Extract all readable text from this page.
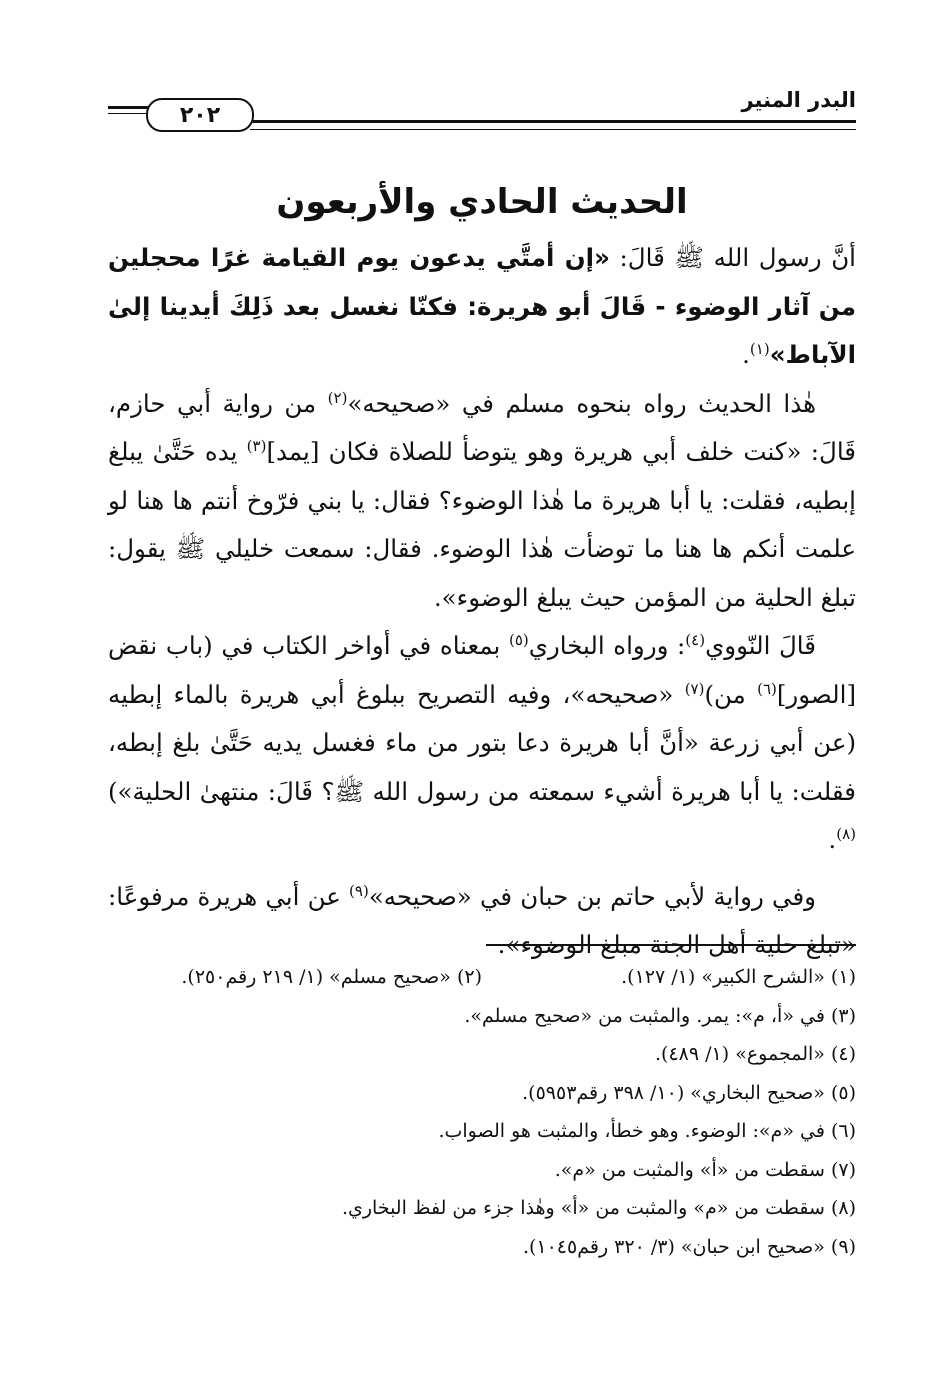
٢٠٢
البدر المنير
الحديث الحادي والأربعون

أنَّ رسول الله ﷺ قَالَ: «إن أمتَّي يدعون يوم القيامة غرًا محجلين من آثار الوضوء - قَالَ أبو هريرة: فكنّا نغسل بعد ذَلِكَ أيدينا إلىٰ الآباط»$^{(١)}$.

هٰذا الحديث رواه بنحوه مسلم في «صحيحه»$^{(٢)}$ من رواية أبي حازم، قَالَ: «كنت خلف أبي هريرة وهو يتوضأ للصلاة فكان [يمد]$^{(٣)}$ يده حَتَّىٰ يبلغ إبطيه، فقلت: يا أبا هريرة ما هٰذا الوضوء؟ فقال: يا بني فرّوخ أنتم ها هنا لو علمت أنكم ها هنا ما توضأت هٰذا الوضوء. فقال: سمعت خليلي ﷺ يقول: تبلغ الحلية من المؤمن حيث يبلغ الوضوء».

قَالَ النّووي$^{(٤)}$: ورواه البخاري$^{(٥)}$ بمعناه في أواخر الكتاب في (باب نقض [الصور]$^{(٦)}$ من)$^{(٧)}$ «صحيحه»، وفيه التصريح ببلوغ أبي هريرة بالماء إبطيه (عن أبي زرعة «أنَّ أبا هريرة دعا بتور من ماء فغسل يديه حَتَّىٰ بلغ إبطه، فقلت: يا أبا هريرة أشيء سمعته من رسول الله ﷺ؟ قَالَ: منتهىٰ الحلية»)$^{(٨)}$.

وفي رواية لأبي حاتم بن حبان في «صحيحه»$^{(٩)}$ عن أبي هريرة مرفوعًا: «تبلغ حلية أهل الجنة مبلغ الوضوء».

(١) «الشرح الكبير» (١/ ١٢٧).
(٢) «صحيح مسلم» (١/ ٢١٩ رقم٢٥٠).
(٣) في «أ، م»: يمر. والمثبت من «صحيح مسلم».
(٤) «المجموع» (١/ ٤٨٩).
(٥) «صحيح البخاري» (١٠/ ٣٩٨ رقم٥٩٥٣).
(٦) في «م»: الوضوء. وهو خطأ، والمثبت هو الصواب.
(٧) سقطت من «أ» والمثبت من «م».
(٨) سقطت من «م» والمثبت من «أ» وهٰذا جزء من لفظ البخاري.
(٩) «صحيح ابن حبان» (٣/ ٣٢٠ رقم١٠٤٥).
